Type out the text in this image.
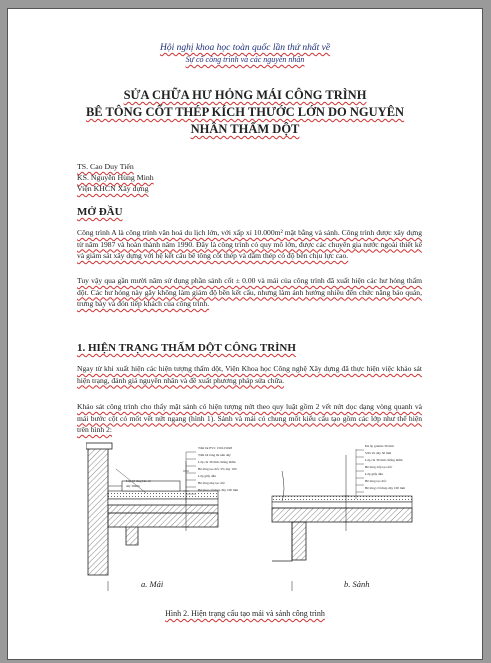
Hội nghị khoa học toàn quốc lần thứ nhất về
Sự cố công trình và các nguyên nhân
SỬA CHỮA HƯ HỎNG MÁI CÔNG TRÌNH
BÊ TÔNG CỐT THÉP KÍCH THƯỚC LỚN DO NGUYÊN
NHÂN THẤM DỘT
TS. Cao Duy Tiến
KS. Nguyễn Hùng Minh
Viện KHCN Xây dựng
MỞ ĐẦU
Công trình A là công trình văn hoá du lịch lớn, với xấp xỉ 10.000m² mặt bằng và sảnh. Công trình được xây dựng từ năm 1987 và hoàn thành năm 1990. Đây là công trình có quy mô lớn, được các chuyên gia nước ngoài thiết kế và giám sát xây dựng với hệ kết cấu bê tông cốt thép và dầm thép có độ bền chịu lực cao.
Tuy vậy qua gần mười năm sử dụng phần sảnh cốt ± 0.00 và mái của công trình đã xuất hiện các hư hỏng thấm dột. Các hư hỏng này gây không làm giảm độ bền kết cấu, nhưng làm ảnh hưởng nhiều đến chức năng bảo quản, trưng bày và đón tiếp khách của công trình.
1. HIỆN TRẠNG THẤM DỘT CÔNG TRÌNH
Ngay từ khi xuất hiện các hiện tượng thấm dột, Viện Khoa học Công nghệ Xây dựng đã thực hiện việc khảo sát hiện trạng, đánh giá nguyên nhân và đề xuất phương pháp sửa chữa.
Khảo sát công trình cho thấy mặt sảnh có hiện tượng nứt theo quy luật gồm 2 vết nứt dọc dạng vòng quanh và mái bước cột có mốt vết nứt ngang (hình 1). Sảnh và mái có chung mốt kiểu cấu tạo gồm các lớp như thể hiện trên hình 2:
Tấm lát PVC 150x150x8
Tấm bê tông lát nền dày
Lớp cát 30 mm chống thấm
Bê tông tạo dốc 3% dày 100
Lớp giấy dầu
Bê tông nhẹ tạo dốc
Bê tông cốt thép dày 100 mm
Đá ốp granite 30 mm
Vữa lót dày 30 mm
Lớp cát 30 mm chống thấm
Bê tông xốp tạo dốc
Lớp giấy dầu
Bê tông tạo dốc
Bê tông cốt thép dày 100 mm
Lớp bê tông bảo vệ dày 30mm
a. Mái	b. Sảnh
Hình 2. Hiện trạng cấu tạo mái và sảnh công trình
